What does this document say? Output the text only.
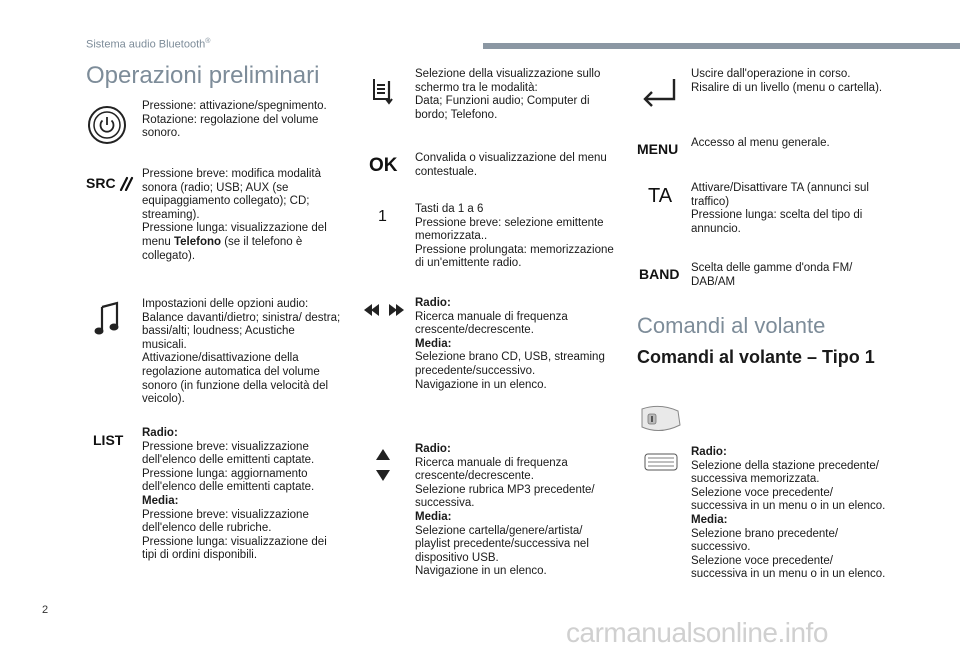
Sistema audio Bluetooth®
Operazioni preliminari
Pressione: attivazione/spegnimento.
Rotazione: regolazione del volume sonoro.
SRC
Pressione breve: modifica modalità sonora (radio; USB; AUX (se equipaggiamento collegato); CD; streaming).
Pressione lunga: visualizzazione del menu Telefono (se il telefono è collegato).
Impostazioni delle opzioni audio: Balance davanti/dietro; sinistra/ destra; bassi/alti; loudness; Acustiche musicali.
Attivazione/disattivazione della regolazione automatica del volume sonoro (in funzione della velocità del veicolo).
LIST Radio:
Pressione breve: visualizzazione dell'elenco delle emittenti captate.
Pressione lunga: aggiornamento dell'elenco delle emittenti captate.
Media:
Pressione breve: visualizzazione dell'elenco delle rubriche.
Pressione lunga: visualizzazione dei tipi di ordini disponibili.
Selezione della visualizzazione sullo schermo tra le modalità:
Data; Funzioni audio; Computer di bordo; Telefono.
OK Convalida o visualizzazione del menu contestuale.
1 Tasti da 1 a 6
Pressione breve: selezione emittente memorizzata..
Pressione prolungata: memorizzazione di un'emittente radio.
Radio:
Ricerca manuale di frequenza crescente/decrescente.
Media:
Selezione brano CD, USB, streaming precedente/successivo.
Navigazione in un elenco.
Radio:
Ricerca manuale di frequenza crescente/decrescente.
Selezione rubrica MP3 precedente/ successiva.
Media:
Selezione cartella/genere/artista/ playlist precedente/successiva nel dispositivo USB.
Navigazione in un elenco.
Uscire dall'operazione in corso.
Risalire di un livello (menu o cartella).
MENU Accesso al menu generale.
TA Attivare/Disattivare TA (annunci sul traffico)
Pressione lunga: scelta del tipo di annuncio.
BAND Scelta delle gamme d'onda FM/ DAB/AM
Comandi al volante
Comandi al volante – Tipo 1
Radio:
Selezione della stazione precedente/ successiva memorizzata.
Selezione voce precedente/ successiva in un menu o in un elenco.
Media:
Selezione brano precedente/ successivo.
Selezione voce precedente/ successiva in un menu o in un elenco.
2
carmanualsonline.info
